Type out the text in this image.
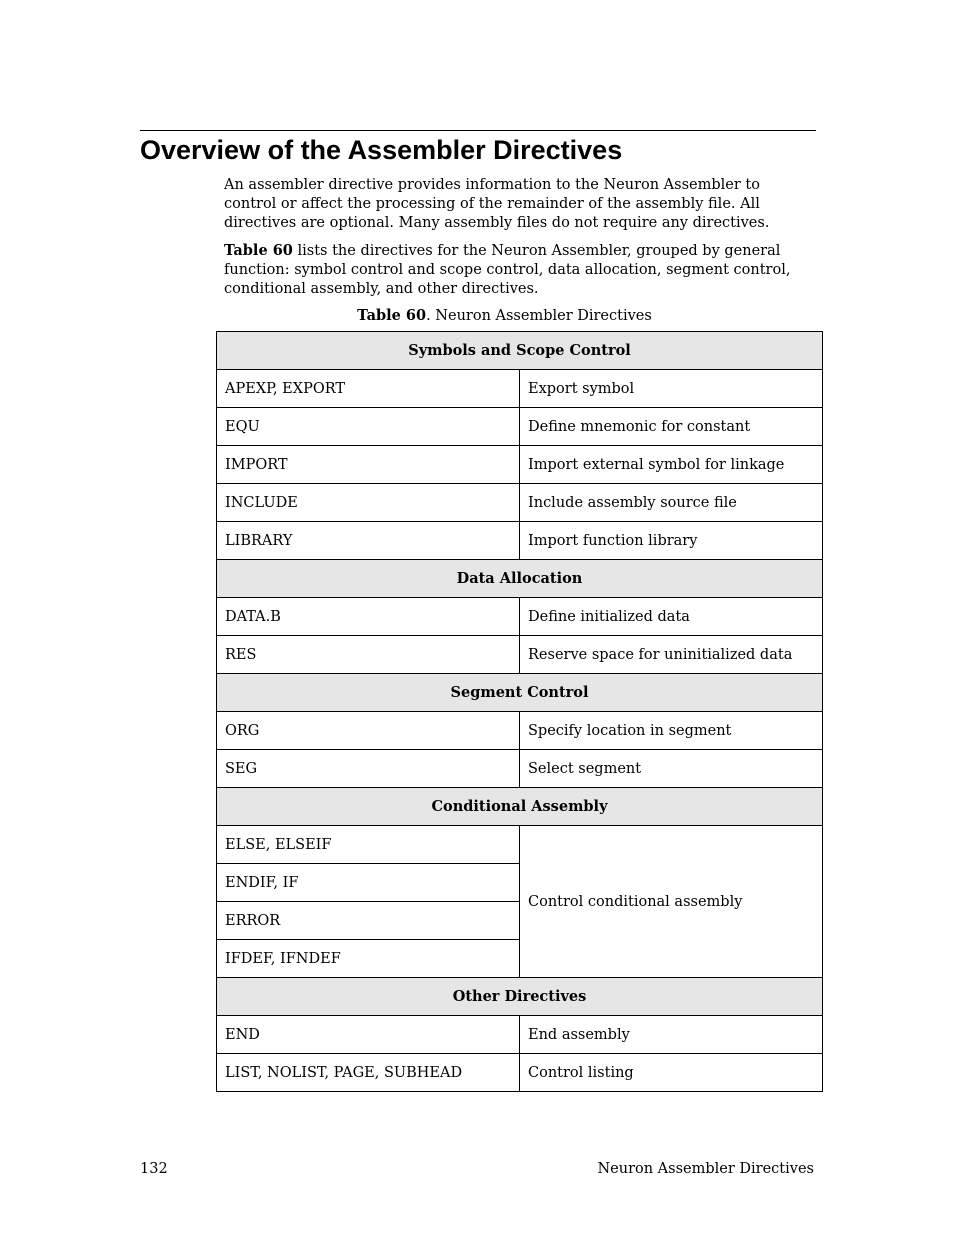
Overview of the Assembler Directives

An assembler directive provides information to the Neuron Assembler to control or affect the processing of the remainder of the assembly file. All directives are optional. Many assembly files do not require any directives.

Table 60 lists the directives for the Neuron Assembler, grouped by general function: symbol control and scope control, data allocation, segment control, conditional assembly, and other directives.

Table 60. Neuron Assembler Directives
Symbols and Scope Control	
APEXP, EXPORT	Export symbol
EQU	Define mnemonic for constant
IMPORT	Import external symbol for linkage
INCLUDE	Include assembly source file
LIBRARY	Import function library
Data Allocation	
DATA.B	Define initialized data
RES	Reserve space for uninitialized data
Segment Control	
ORG	Specify location in segment
SEG	Select segment
Conditional Assembly	
ELSE, ELSEIF	Control conditional assembly
ENDIF, IF	
ERROR	
IFDEF, IFNDEF	
Other Directives	
END	End assembly
LIST, NOLIST, PAGE, SUBHEAD	Control listing
132	Neuron Assembler Directives
